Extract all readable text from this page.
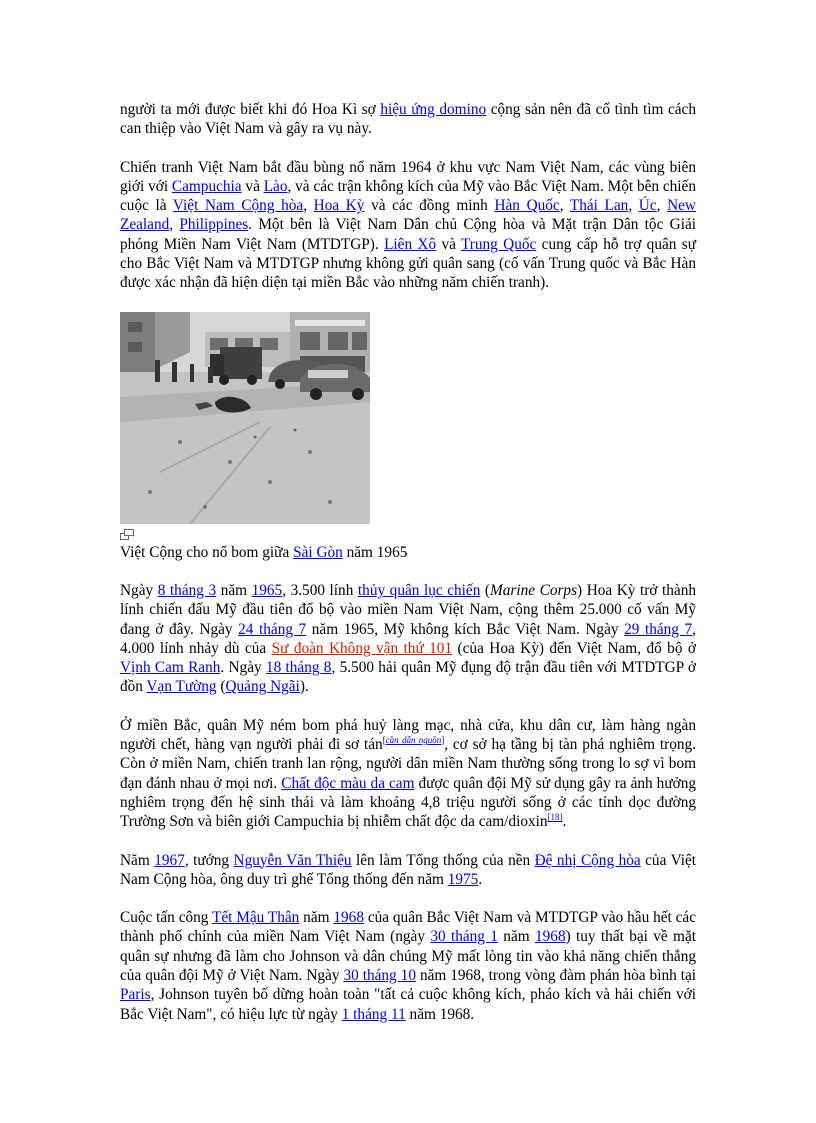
người ta mới được biết khi đó Hoa Kì sợ hiệu ứng domino cộng sản nên đã cố tình tìm cách can thiệp vào Việt Nam và gây ra vụ này.

Chiến tranh Việt Nam bắt đầu bùng nổ năm 1964 ở khu vực Nam Việt Nam, các vùng biên giới với Campuchia và Lào, và các trận không kích của Mỹ vào Bắc Việt Nam. Một bên chiến cuộc là Việt Nam Cộng hòa, Hoa Kỳ và các đồng minh Hàn Quốc, Thái Lan, Úc, New Zealand, Philippines. Một bên là Việt Nam Dân chủ Cộng hòa và Mặt trận Dân tộc Giải phóng Miền Nam Việt Nam (MTDTGP). Liên Xô và Trung Quốc cung cấp hỗ trợ quân sự cho Bắc Việt Nam và MTDTGP nhưng không gửi quân sang (cố vấn Trung quốc và Bắc Hàn được xác nhận đã hiện diện tại miền Bắc vào những năm chiến tranh).

Việt Cộng cho nổ bom giữa Sài Gòn năm 1965

Ngày 8 tháng 3 năm 1965, 3.500 lính thủy quân lục chiến (Marine Corps) Hoa Kỳ trở thành lính chiến đấu Mỹ đầu tiên đổ bộ vào miền Nam Việt Nam, cộng thêm 25.000 cố vấn Mỹ đang ở đây. Ngày 24 tháng 7 năm 1965, Mỹ không kích Bắc Việt Nam. Ngày 29 tháng 7, 4.000 lính nhảy dù của Sư đoàn Không vận thứ 101 (của Hoa Kỳ) đến Việt Nam, đổ bộ ở Vịnh Cam Ranh. Ngày 18 tháng 8, 5.500 hải quân Mỹ đụng độ trận đầu tiên với MTDTGP ở đồn Vạn Tường (Quảng Ngãi).

Ở miền Bắc, quân Mỹ ném bom phá huỷ làng mạc, nhà cửa, khu dân cư, làm hàng ngàn người chết, hàng vạn người phải đi sơ tán[cần dẫn nguồn], cơ sở hạ tầng bị tàn phá nghiêm trọng. Còn ở miền Nam, chiến tranh lan rộng, người dân miền Nam thường sống trong lo sợ vì bom đạn đánh nhau ở mọi nơi. Chất độc màu da cam được quân đội Mỹ sử dụng gây ra ảnh hưởng nghiêm trọng đến hệ sinh thái và làm khoảng 4,8 triệu người sống ở các tỉnh dọc đường Trường Sơn và biên giới Campuchia bị nhiễm chất độc da cam/dioxin[18].

Năm 1967, tướng Nguyễn Văn Thiệu lên làm Tổng thống của nền Đệ nhị Cộng hòa của Việt Nam Cộng hòa, ông duy trì ghế Tổng thống đến năm 1975.

Cuộc tấn công Tết Mậu Thân năm 1968 của quân Bắc Việt Nam và MTDTGP vào hầu hết các thành phố chính của miền Nam Việt Nam (ngày 30 tháng 1 năm 1968) tuy thất bại về mặt quân sự nhưng đã làm cho Johnson và dân chúng Mỹ mất lòng tin vào khả năng chiến thắng của quân đội Mỹ ở Việt Nam. Ngày 30 tháng 10 năm 1968, trong vòng đàm phán hòa bình tại Paris, Johnson tuyên bố dừng hoàn toàn "tất cả cuộc không kích, pháo kích và hải chiến với Bắc Việt Nam", có hiệu lực từ ngày 1 tháng 11 năm 1968.
